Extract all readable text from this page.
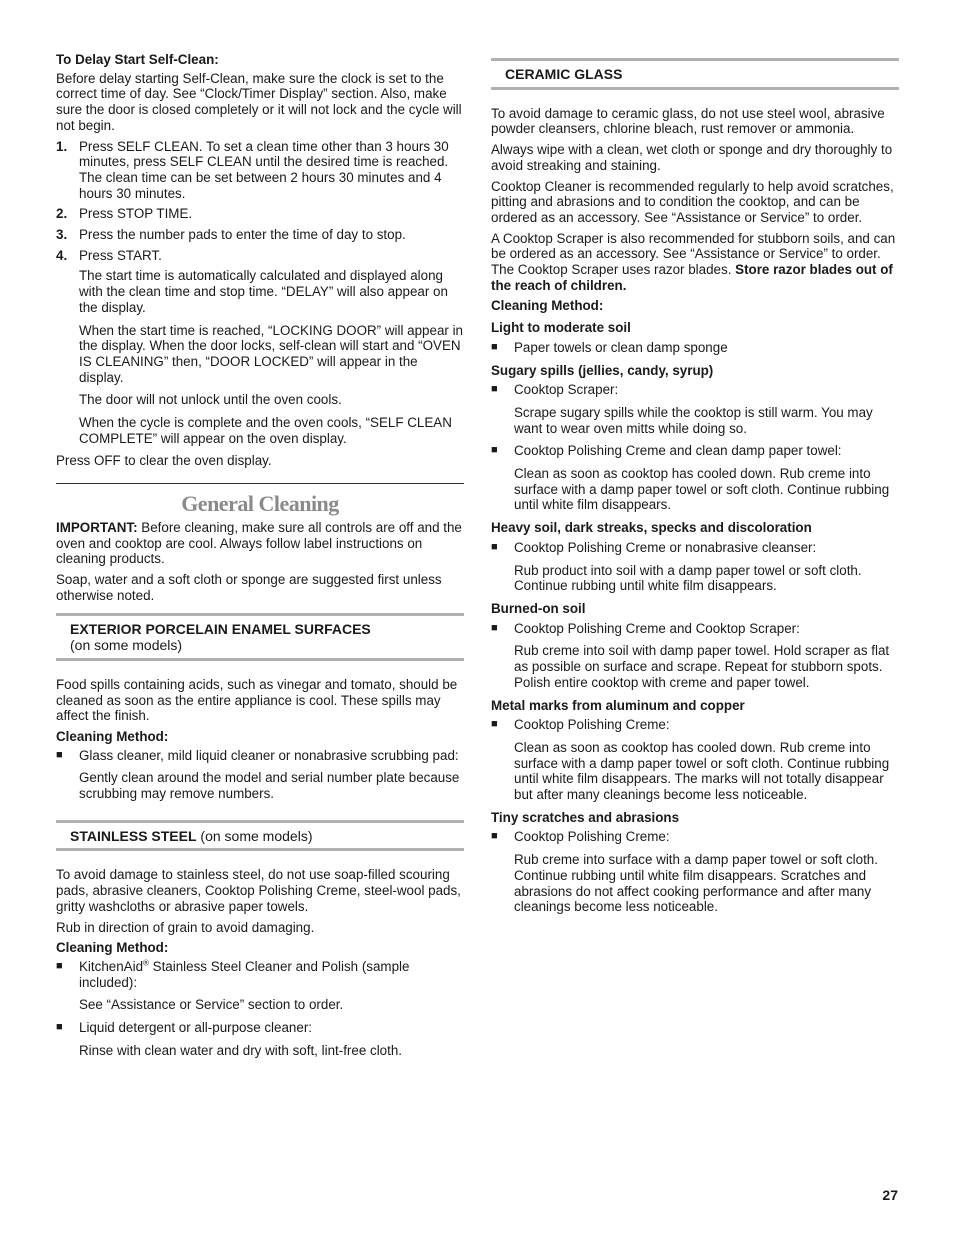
To Delay Start Self-Clean:

Before delay starting Self-Clean, make sure the clock is set to the correct time of day. See “Clock/Timer Display” section. Also, make sure the door is closed completely or it will not lock and the cycle will not begin.

1. Press SELF CLEAN. To set a clean time other than 3 hours 30 minutes, press SELF CLEAN until the desired time is reached. The clean time can be set between 2 hours 30 minutes and 4 hours 30 minutes.
2. Press STOP TIME.
3. Press the number pads to enter the time of day to stop.
4. Press START.

The start time is automatically calculated and displayed along with the clean time and stop time. “DELAY” will also appear on the display.

When the start time is reached, “LOCKING DOOR” will appear in the display. When the door locks, self-clean will start and “OVEN IS CLEANING” then, “DOOR LOCKED” will appear in the display.

The door will not unlock until the oven cools.

When the cycle is complete and the oven cools, “SELF CLEAN COMPLETE” will appear on the oven display.

Press OFF to clear the oven display.

General Cleaning

IMPORTANT: Before cleaning, make sure all controls are off and the oven and cooktop are cool. Always follow label instructions on cleaning products.

Soap, water and a soft cloth or sponge are suggested first unless otherwise noted.

EXTERIOR PORCELAIN ENAMEL SURFACES
(on some models)

Food spills containing acids, such as vinegar and tomato, should be cleaned as soon as the entire appliance is cool. These spills may affect the finish.

Cleaning Method:

■ Glass cleaner, mild liquid cleaner or nonabrasive scrubbing pad:

Gently clean around the model and serial number plate because scrubbing may remove numbers.

STAINLESS STEEL (on some models)

To avoid damage to stainless steel, do not use soap-filled scouring pads, abrasive cleaners, Cooktop Polishing Creme, steel-wool pads, gritty washcloths or abrasive paper towels.

Rub in direction of grain to avoid damaging.

Cleaning Method:

■ KitchenAid® Stainless Steel Cleaner and Polish (sample included):

See “Assistance or Service” section to order.

■ Liquid detergent or all-purpose cleaner:

Rinse with clean water and dry with soft, lint-free cloth.

CERAMIC GLASS

To avoid damage to ceramic glass, do not use steel wool, abrasive powder cleansers, chlorine bleach, rust remover or ammonia.

Always wipe with a clean, wet cloth or sponge and dry thoroughly to avoid streaking and staining.

Cooktop Cleaner is recommended regularly to help avoid scratches, pitting and abrasions and to condition the cooktop, and can be ordered as an accessory. See “Assistance or Service” to order.

A Cooktop Scraper is also recommended for stubborn soils, and can be ordered as an accessory. See “Assistance or Service” to order. The Cooktop Scraper uses razor blades. Store razor blades out of the reach of children.

Cleaning Method:

Light to moderate soil

■ Paper towels or clean damp sponge

Sugary spills (jellies, candy, syrup)

■ Cooktop Scraper:

Scrape sugary spills while the cooktop is still warm. You may want to wear oven mitts while doing so.

■ Cooktop Polishing Creme and clean damp paper towel:

Clean as soon as cooktop has cooled down. Rub creme into surface with a damp paper towel or soft cloth. Continue rubbing until white film disappears.

Heavy soil, dark streaks, specks and discoloration

■ Cooktop Polishing Creme or nonabrasive cleanser:

Rub product into soil with a damp paper towel or soft cloth. Continue rubbing until white film disappears.

Burned-on soil

■ Cooktop Polishing Creme and Cooktop Scraper:

Rub creme into soil with damp paper towel. Hold scraper as flat as possible on surface and scrape. Repeat for stubborn spots. Polish entire cooktop with creme and paper towel.

Metal marks from aluminum and copper

■ Cooktop Polishing Creme:

Clean as soon as cooktop has cooled down. Rub creme into surface with a damp paper towel or soft cloth. Continue rubbing until white film disappears. The marks will not totally disappear but after many cleanings become less noticeable.

Tiny scratches and abrasions

■ Cooktop Polishing Creme:

Rub creme into surface with a damp paper towel or soft cloth. Continue rubbing until white film disappears. Scratches and abrasions do not affect cooking performance and after many cleanings become less noticeable.

27
